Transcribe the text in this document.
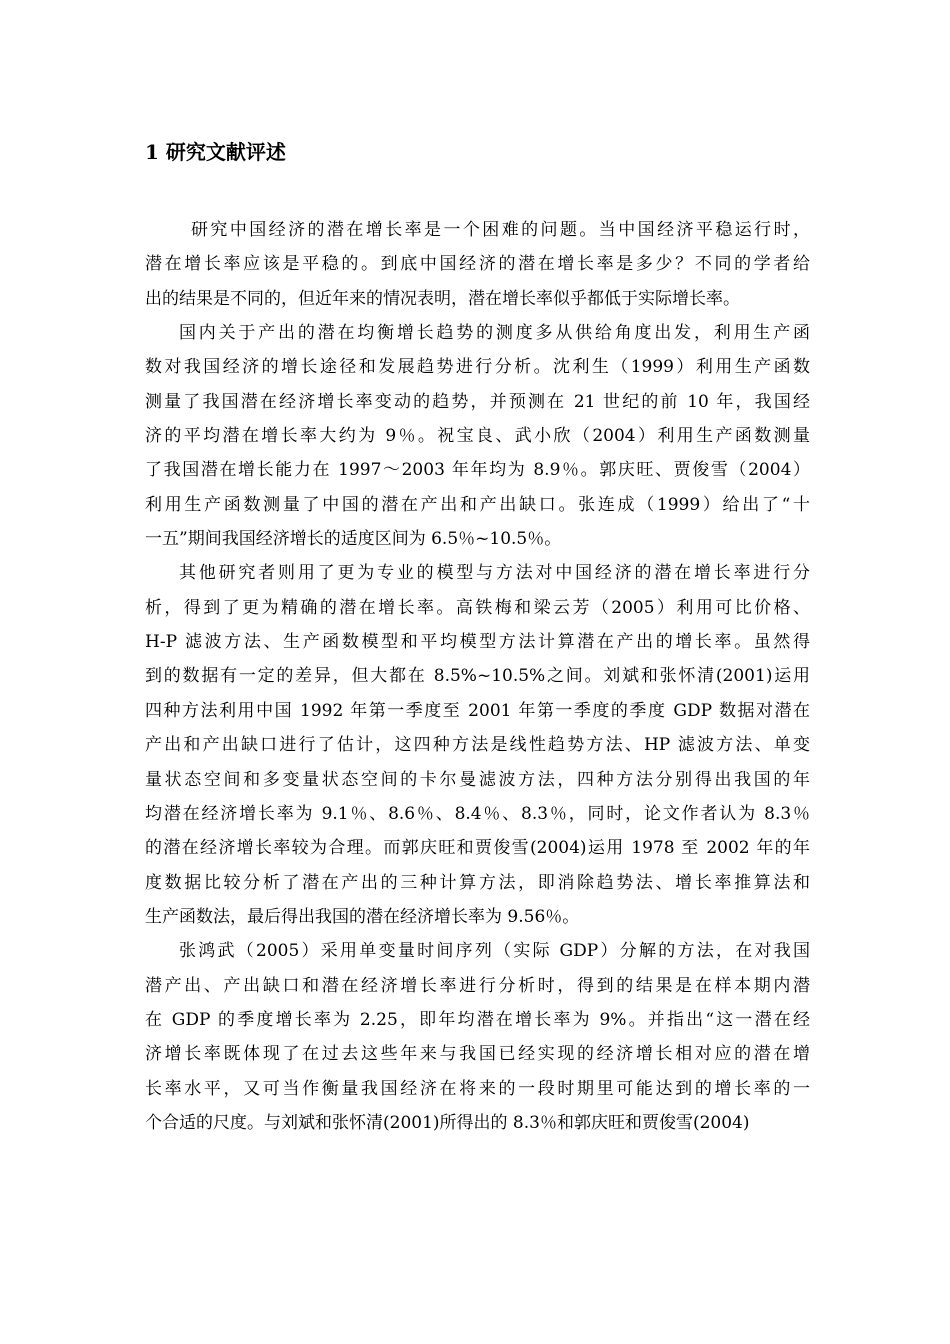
1 研究文献评述
研究中国经济的潜在增长率是一个困难的问题。当中国经济平稳运行时，
潜在增长率应该是平稳的。到底中国经济的潜在增长率是多少？不同的学者给
出的结果是不同的，但近年来的情况表明，潜在增长率似乎都低于实际增长率。
国内关于产出的潜在均衡增长趋势的测度多从供给角度出发，利用生产函
数对我国经济的增长途径和发展趋势进行分析。沈利生（1999）利用生产函数
测量了我国潜在经济增长率变动的趋势，并预测在 21 世纪的前 10 年，我国经
济的平均潜在增长率大约为 9％。祝宝良、武小欣（2004）利用生产函数测量
了我国潜在增长能力在 1997～2003 年年均为 8.9％。郭庆旺、贾俊雪（2004）
利用生产函数测量了中国的潜在产出和产出缺口。张连成（1999）给出了“十
一五”期间我国经济增长的适度区间为 6.5％~10.5％。
其他研究者则用了更为专业的模型与方法对中国经济的潜在增长率进行分
析，得到了更为精确的潜在增长率。高铁梅和梁云芳（2005）利用可比价格、
H-P 滤波方法、生产函数模型和平均模型方法计算潜在产出的增长率。虽然得
到的数据有一定的差异，但大都在 8.5%~10.5%之间。刘斌和张怀清(2001)运用
四种方法利用中国 1992 年第一季度至 2001 年第一季度的季度 GDP 数据对潜在
产出和产出缺口进行了估计，这四种方法是线性趋势方法、HP 滤波方法、单变
量状态空间和多变量状态空间的卡尔曼滤波方法，四种方法分别得出我国的年
均潜在经济增长率为 9.1％、8.6％、8.4％、8.3％，同时，论文作者认为 8.3％
的潜在经济增长率较为合理。而郭庆旺和贾俊雪(2004)运用 1978 至 2002 年的年
度数据比较分析了潜在产出的三种计算方法，即消除趋势法、增长率推算法和
生产函数法，最后得出我国的潜在经济增长率为 9.56％。
张鸿武（2005）采用单变量时间序列（实际 GDP）分解的方法，在对我国
潜产出、产出缺口和潜在经济增长率进行分析时，得到的结果是在样本期内潜
在 GDP 的季度增长率为 2.25，即年均潜在增长率为 9%。并指出“这一潜在经
济增长率既体现了在过去这些年来与我国已经实现的经济增长相对应的潜在增
长率水平，又可当作衡量我国经济在将来的一段时期里可能达到的增长率的一
个合适的尺度。与刘斌和张怀清(2001)所得出的 8.3％和郭庆旺和贾俊雪(2004)
